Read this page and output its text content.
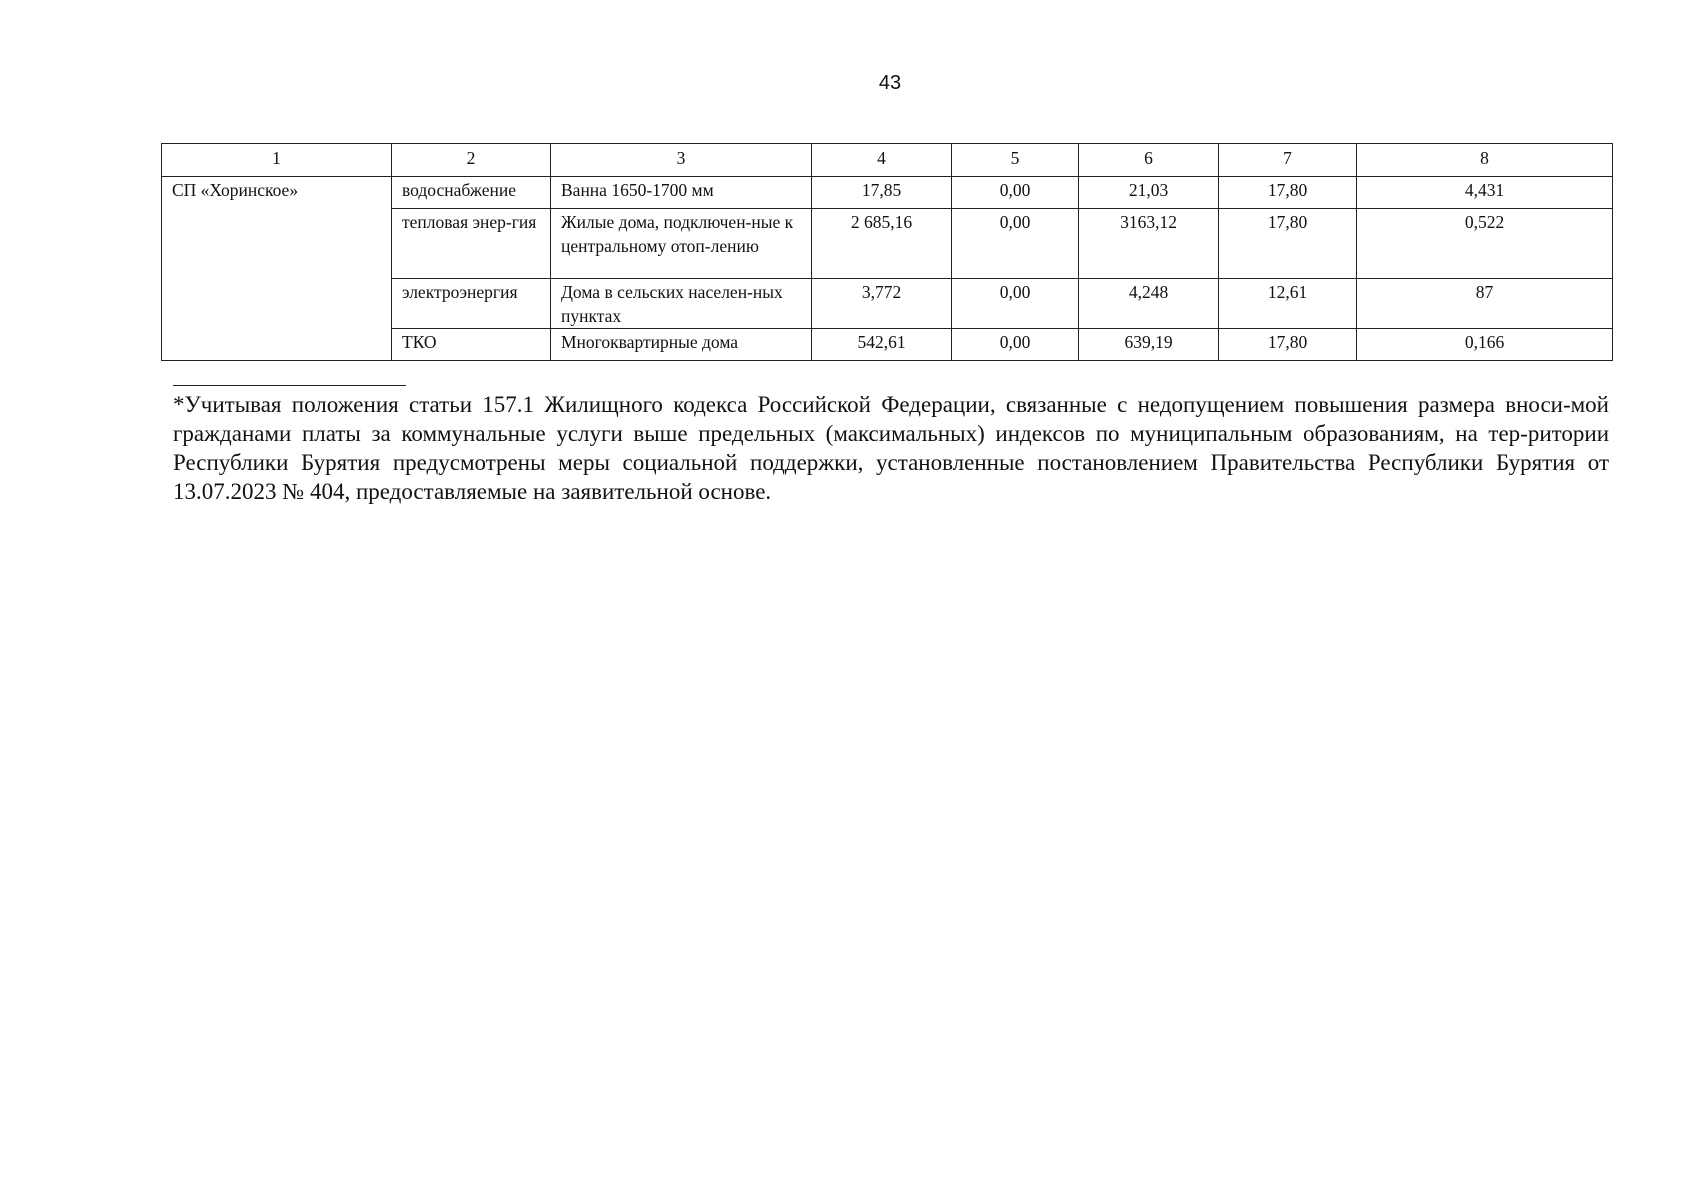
43
1	2	3	4	5	6	7	8
СП «Хоринское»	водоснабжение	Ванна 1650-1700 мм	17,85	0,00	21,03	17,80	4,431
	тепловая энер-гия	Жилые дома, подключен-ные к центральному отоп-лению	2 685,16	0,00	3163,12	17,80	0,522
	электроэнергия	Дома в сельских населен-ных пунктах	3,772	0,00	4,248	12,61	87
	ТКО	Многоквартирные дома	542,61	0,00	639,19	17,80	0,166
*Учитывая положения статьи 157.1 Жилищного кодекса Российской Федерации, связанные с недопущением повышения размера вноси-мой гражданами платы за коммунальные услуги выше предельных (максимальных) индексов по муниципальным образованиям, на тер-ритории Республики Бурятия предусмотрены меры социальной поддержки, установленные постановлением Правительства Республики Бурятия от 13.07.2023 № 404, предоставляемые на заявительной основе.
